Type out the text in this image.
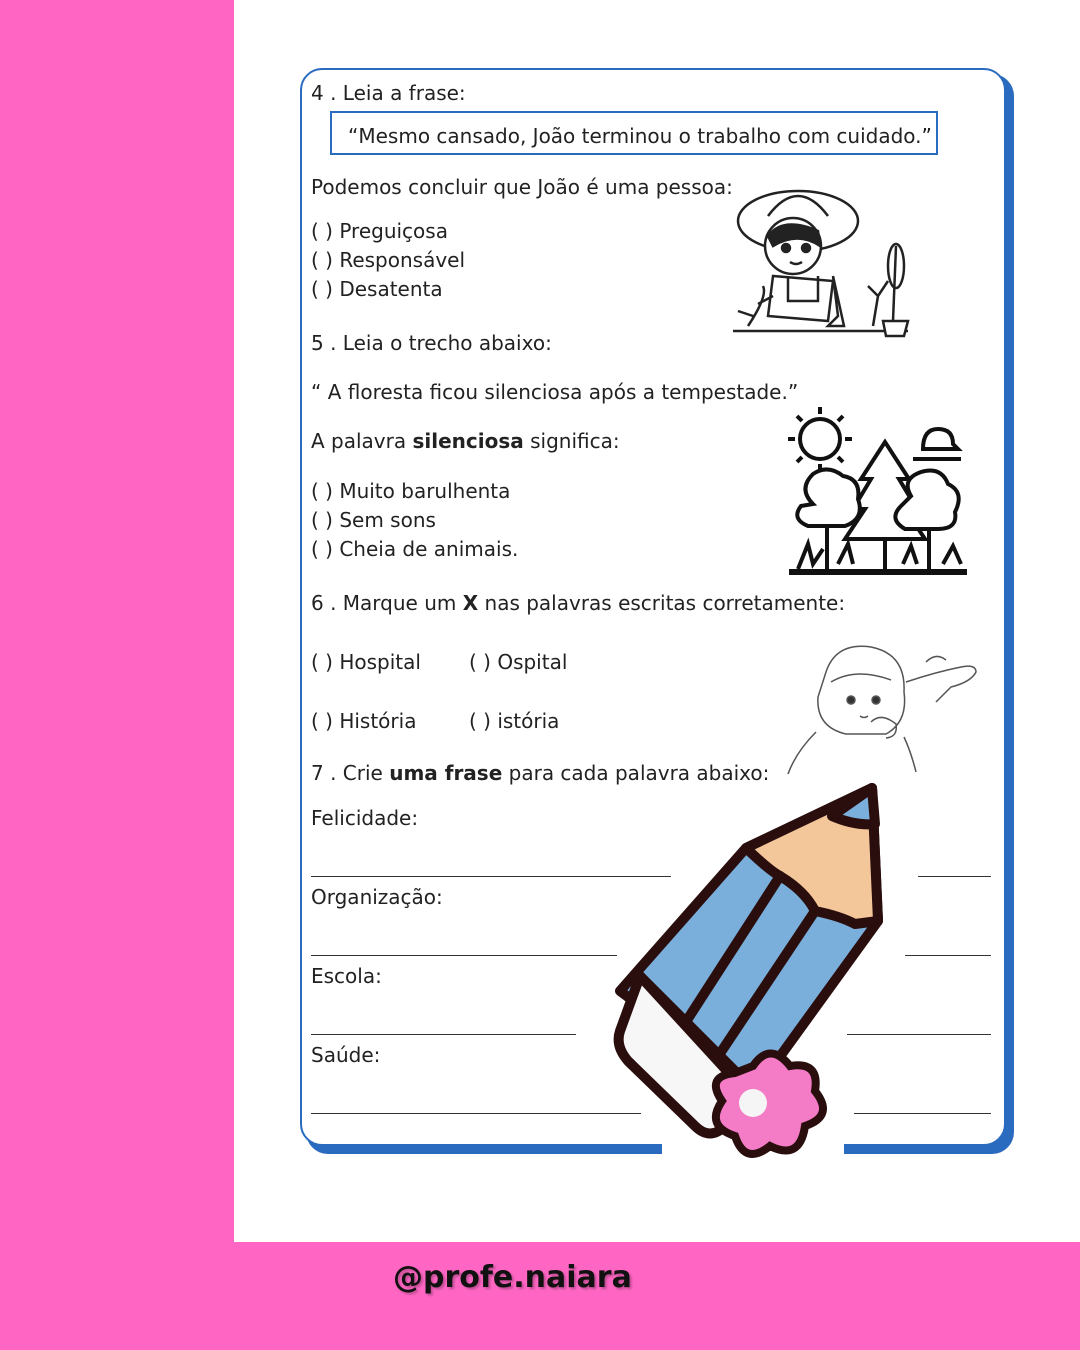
4 . Leia a frase:
“Mesmo cansado, João terminou o trabalho com cuidado.”
Podemos concluir que João é uma pessoa:
( ) Preguiçosa
( ) Responsável
( ) Desatenta
5 . Leia o trecho abaixo:
“ A floresta ficou silenciosa após a tempestade.”
A palavra silenciosa significa:
( ) Muito barulhenta
( ) Sem sons
( ) Cheia de animais.
6 . Marque um X nas palavras escritas corretamente:
( ) Hospital ( ) Ospital
( ) História	( ) istória
7 . Crie uma frase para cada palavra abaixo:
Felicidade:
Organização:
Escola:
Saúde:
@profe.naiara
